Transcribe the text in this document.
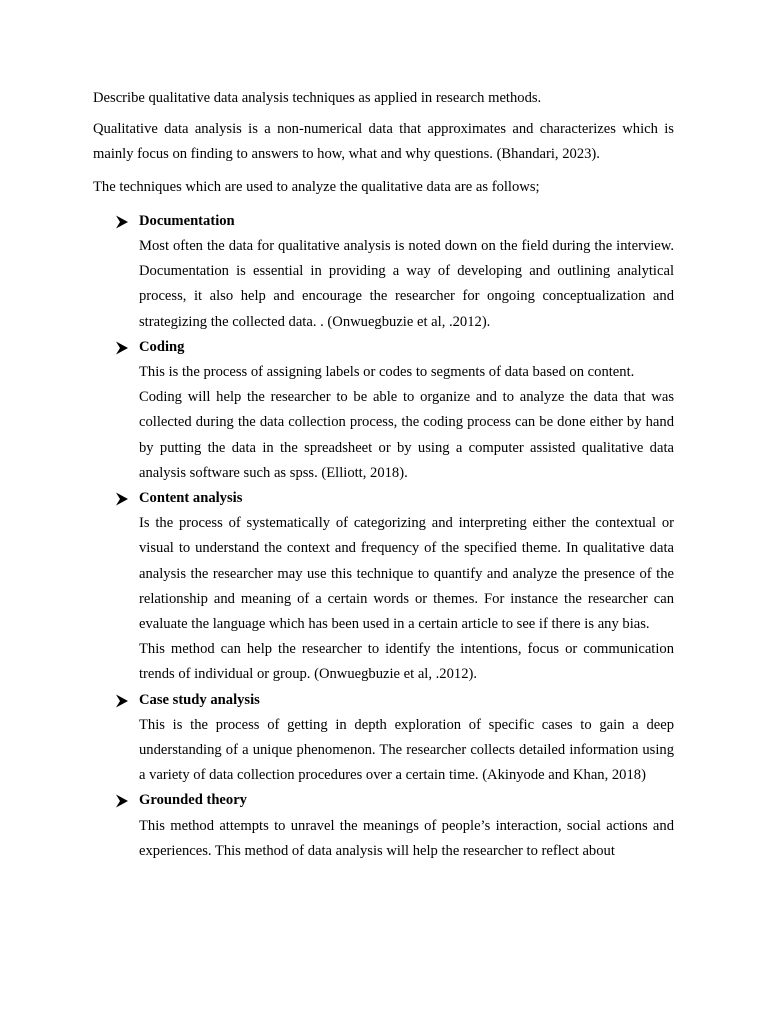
Describe qualitative data analysis techniques as applied in research methods.

Qualitative data analysis is a non-numerical data that approximates and characterizes which is mainly focus on finding to answers to how, what and why questions. (Bhandari, 2023).

The techniques which are used to analyze the qualitative data are as follows;

Documentation

Most often the data for qualitative analysis is noted down on the field during the interview. Documentation is essential in providing a way of developing and outlining analytical process, it also help and encourage the researcher for ongoing conceptualization and strategizing the collected data. . (Onwuegbuzie et al, .2012).

Coding

This is the process of assigning labels or codes to segments of data based on content.

Coding will help the researcher to be able to organize and to analyze the data that was collected during the data collection process, the coding process can be done either by hand by putting the data in the spreadsheet or by using a computer assisted qualitative data analysis software such as spss. (Elliott, 2018).

Content analysis

Is the process of systematically of categorizing and interpreting either the contextual or visual to understand the context and frequency of the specified theme. In qualitative data analysis the researcher may use this technique to quantify and analyze the presence of the relationship and meaning of a certain words or themes. For instance the researcher can evaluate the language which has been used in a certain article to see if there is any bias.

This method can help the researcher to identify the intentions, focus or communication trends of individual or group. (Onwuegbuzie et al, .2012).

Case study analysis

This is the process of getting in depth exploration of specific cases to gain a deep understanding of a unique phenomenon. The researcher collects detailed information using a variety of data collection procedures over a certain time. (Akinyode and Khan, 2018)

Grounded theory

This method attempts to unravel the meanings of people’s interaction, social actions and experiences. This method of data analysis will help the researcher to reflect about
